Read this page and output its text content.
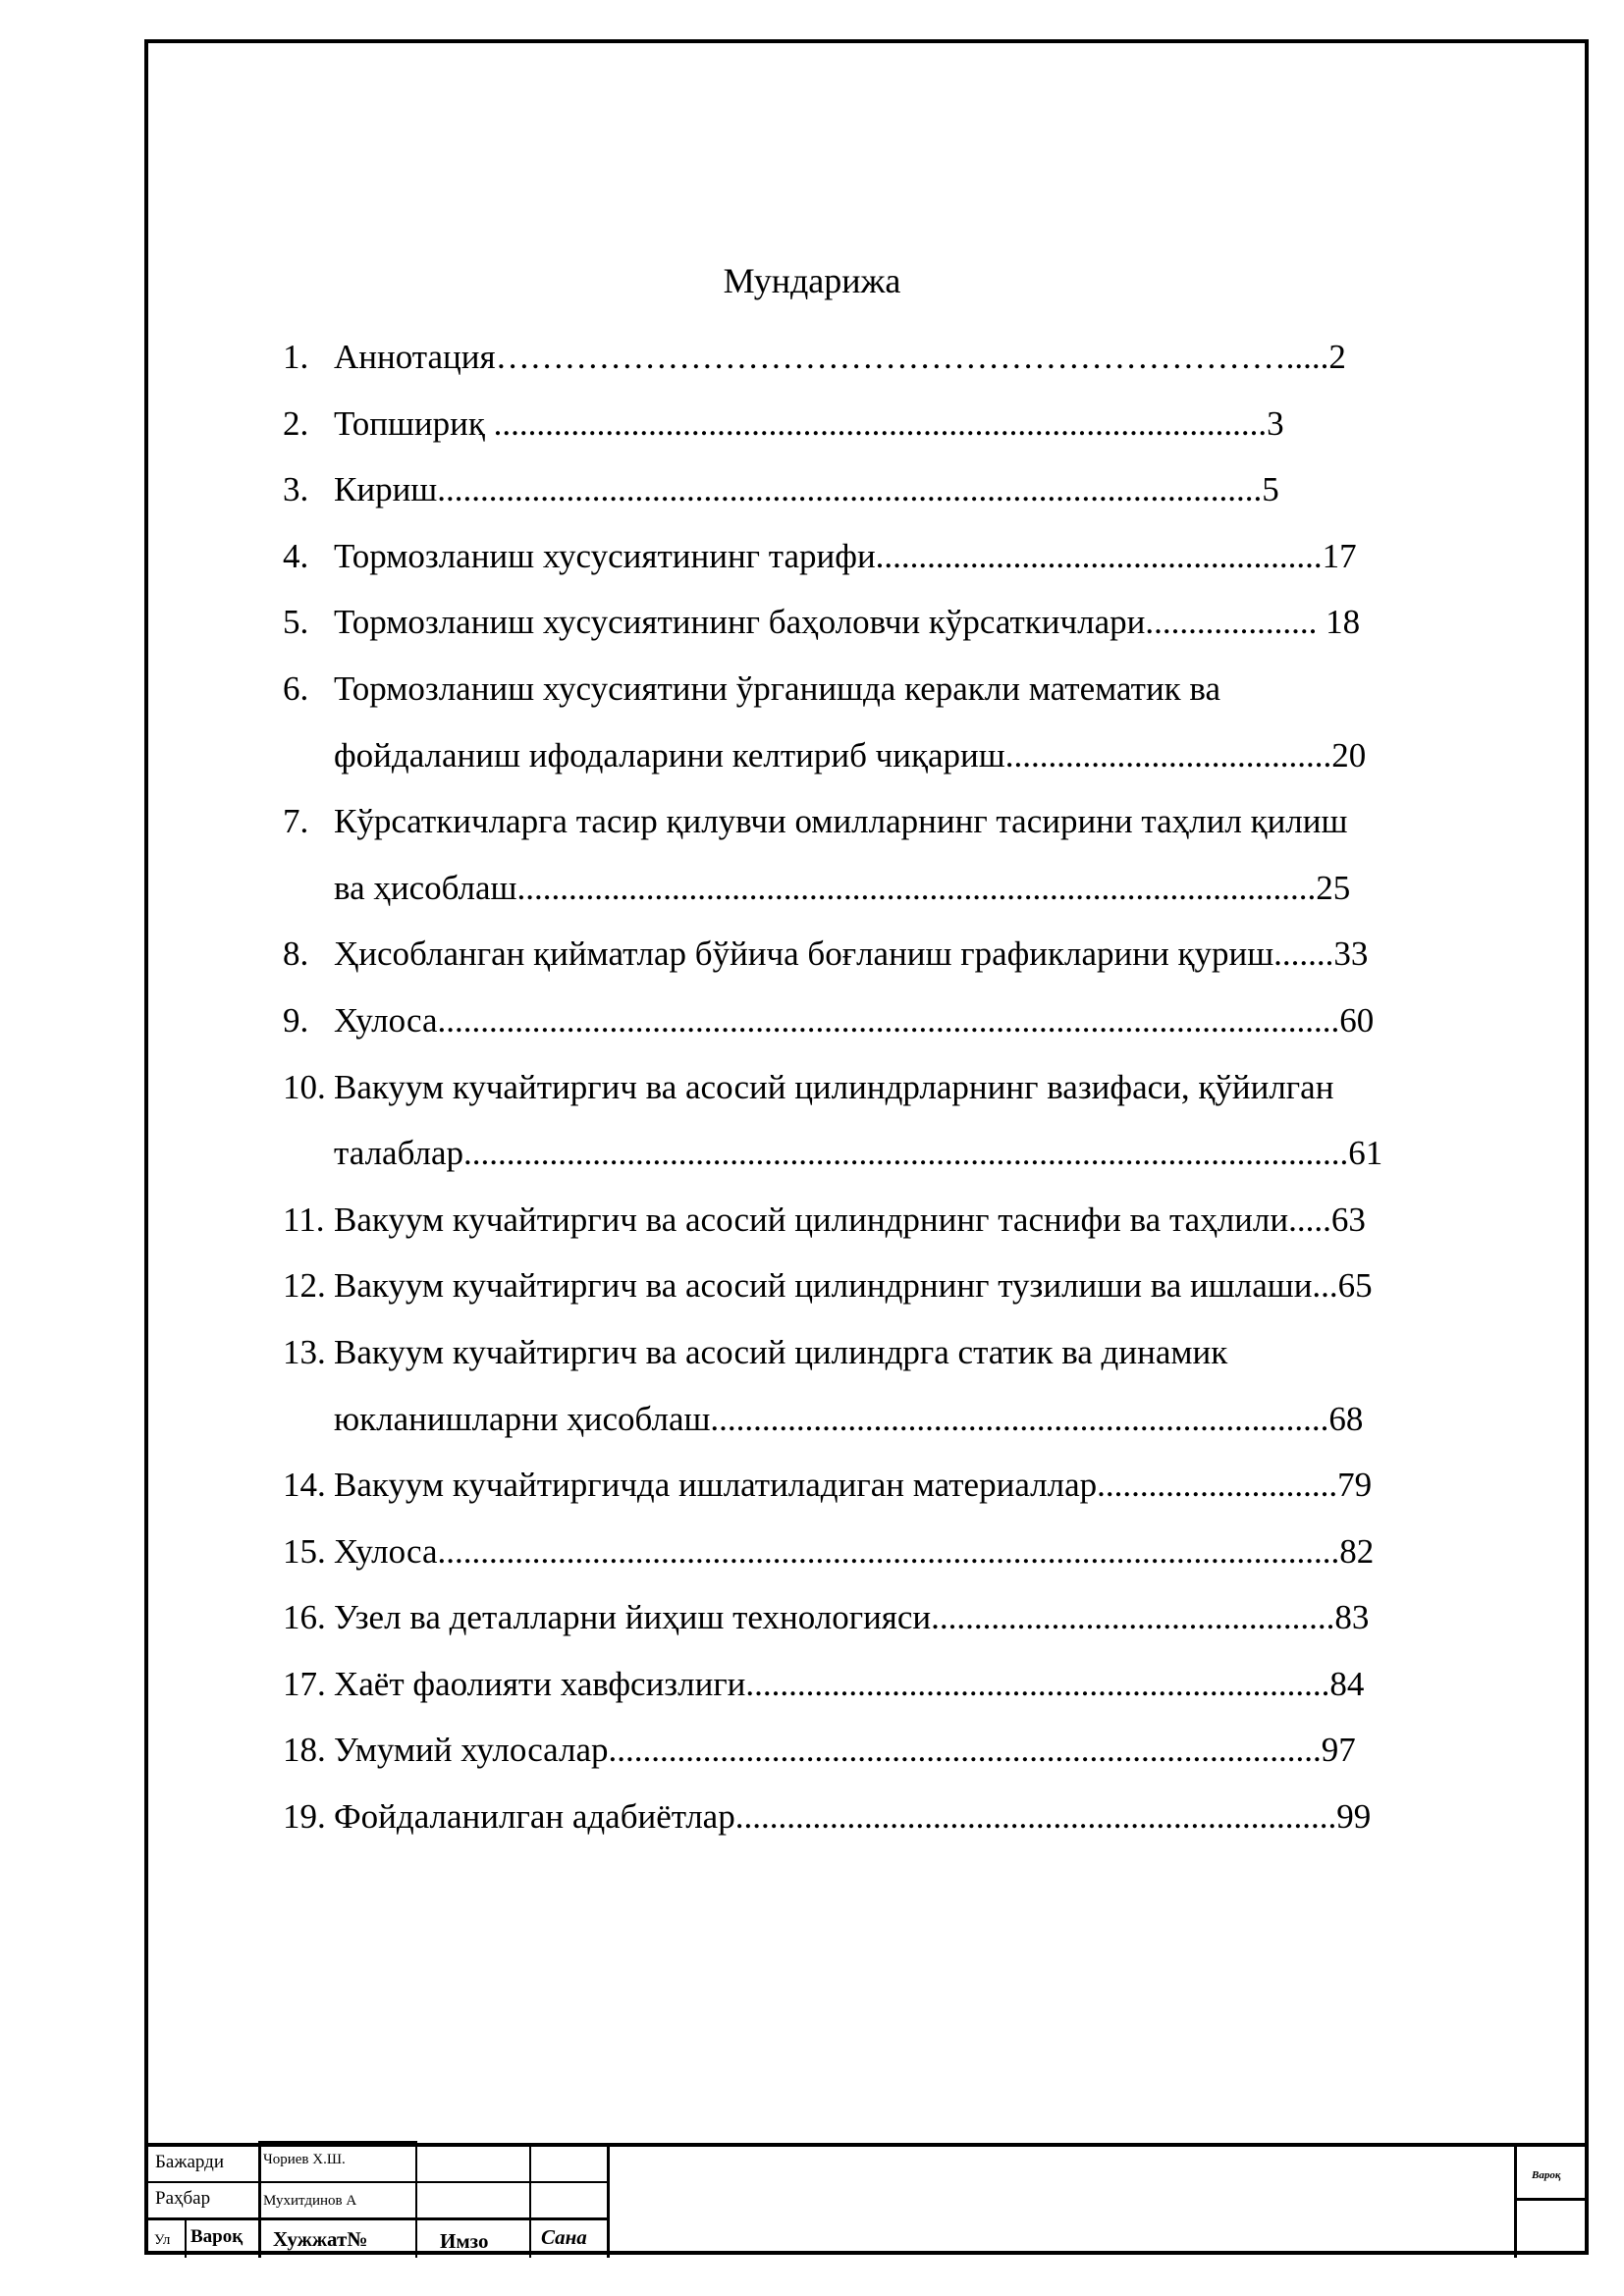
Мундарижа
1. Аннотация…………………………………………………………….....2
2. Топшириқ ..........................................................................................3
3. Кириш................................................................................................5
4. Тормозланиш хусусиятининг тарифи....................................................17
5. Тормозланиш хусусиятининг баҳоловчи кўрсаткичлари.................... 18
6. Тормозланиш хусусиятини ўрганишда керакли математик ва
фойдаланиш ифодаларини келтириб чиқариш......................................20
7. Кўрсаткичларга тасир қилувчи омилларнинг тасирини таҳлил қилиш
ва ҳисоблаш.............................................................................................25
8. Ҳисобланган қийматлар бўйича боғланиш графикларини қуриш.......33
9. Хулоса.........................................................................................................60
10. Вакуум кучайтиргич ва асосий цилиндрларнинг вазифаси, қўйилган
талаблар.......................................................................................................61
11. Вакуум кучайтиргич ва асосий цилиндрнинг таснифи ва таҳлили.....63
12. Вакуум кучайтиргич ва асосий цилиндрнинг тузилиши ва ишлаши...65
13. Вакуум кучайтиргич ва асосий цилиндрга статик ва динамик
юкланишларни ҳисоблаш........................................................................68
14. Вакуум кучайтиргичда ишлатиладиган материаллар............................79
15. Хулоса.........................................................................................................82
16. Узел ва деталларни йиҳиш технологияси...............................................83
17. Хаёт фаолияти хавфсизлиги....................................................................84
18. Умумий хулосалар...................................................................................97
19. Фойдаланилган адабиётлар......................................................................99
Бажарди	Чориев Х.Ш.
Раҳбар	Мухитдинов А
Ул Варoқ Хужжат№	Имзо	Сана
Варoқ
